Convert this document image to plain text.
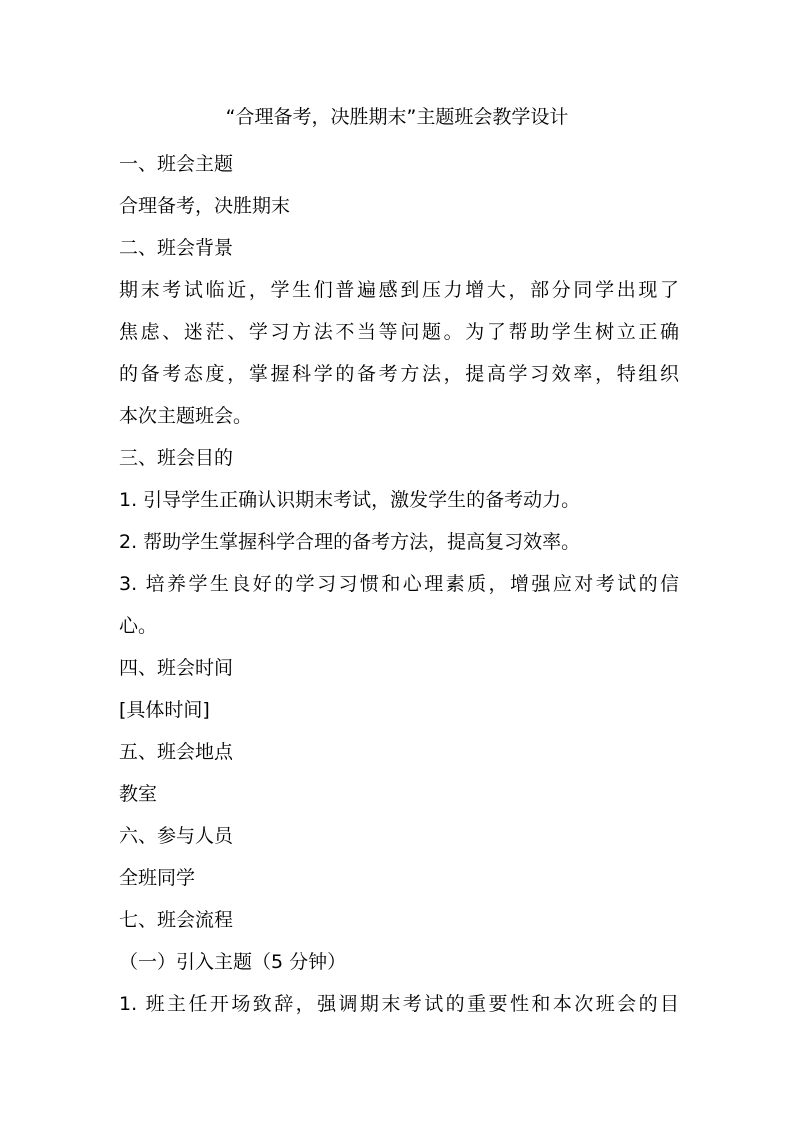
“合理备考，决胜期末”主题班会教学设计
一、班会主题
合理备考，决胜期末
二、班会背景
期末考试临近，学生们普遍感到压力增大，部分同学出现了
焦虑、迷茫、学习方法不当等问题。为了帮助学生树立正确
的备考态度，掌握科学的备考方法，提高学习效率，特组织
本次主题班会。
三、班会目的
1. 引导学生正确认识期末考试，激发学生的备考动力。
2. 帮助学生掌握科学合理的备考方法，提高复习效率。
3. 培养学生良好的学习习惯和心理素质，增强应对考试的信
心。
四、班会时间
[具体时间]
五、班会地点
教室
六、参与人员
全班同学
七、班会流程
（一）引入主题（5 分钟）
1. 班主任开场致辞，强调期末考试的重要性和本次班会的目
